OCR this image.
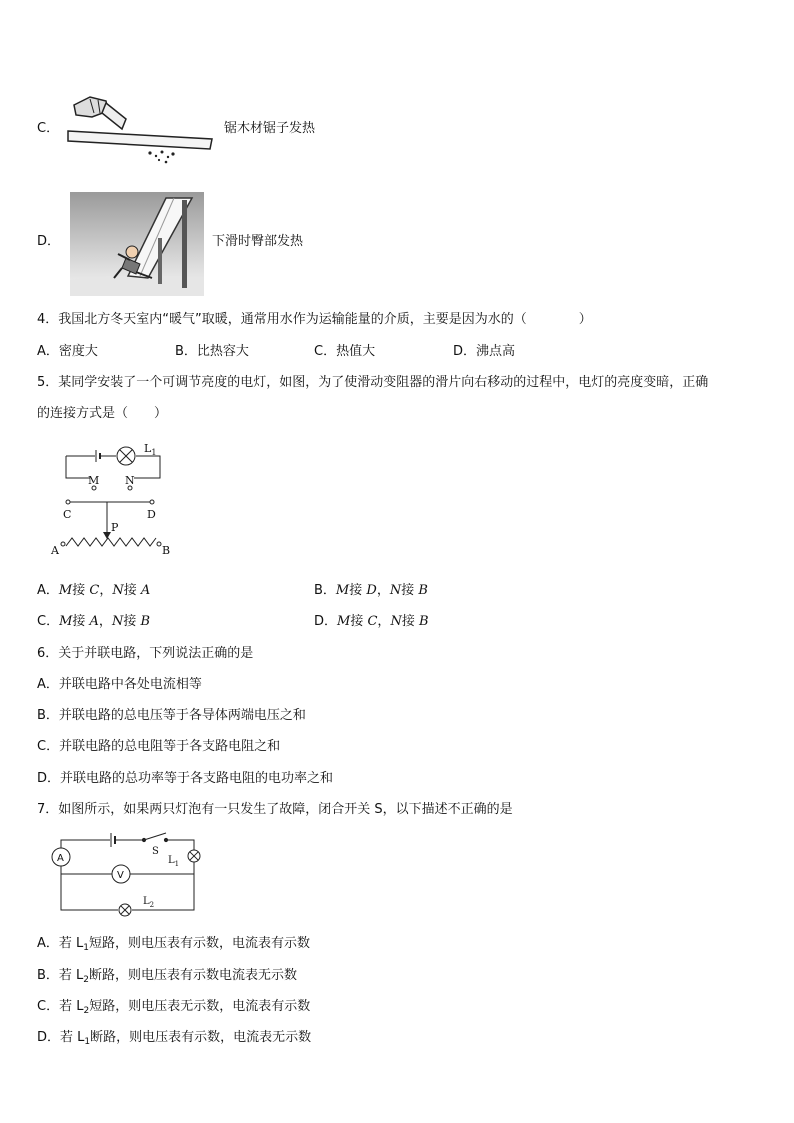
C．	锯木材锯子发热
D．	下滑时臀部发热
4．我国北方冬天室内“暖气”取暖，通常用水作为运输能量的介质，主要是因为水的（　　　　）
A．密度大	B．比热容大	C．热值大	D．沸点高
5．某同学安装了一个可调节亮度的电灯，如图，为了使滑动变阻器的滑片向右移动的过程中，电灯的亮度变暗，正确
的连接方式是（　　）
$L_1$
M N
C	D
P
A	B
A．M接 C，N接 A	B．M接 D，N接 B
C．M接 A，N接 B	D．M接 C，N接 B
6．关于并联电路，下列说法正确的是
A．并联电路中各处电流相等
B．并联电路的总电压等于各导体两端电压之和
C．并联电路的总电阻等于各支路电阻之和
D．并联电路的总功率等于各支路电阻的电功率之和
7．如图所示，如果两只灯泡有一只发生了故障，闭合开关 S，以下描述不正确的是
A
V
S
$L_1$
$L_2$
A．若 $L_1$短路，则电压表有示数，电流表有示数
B．若 $L_2$断路，则电压表有示数电流表无示数
C．若 $L_2$短路，则电压表无示数，电流表有示数
D．若 $L_1$断路，则电压表有示数，电流表无示数
